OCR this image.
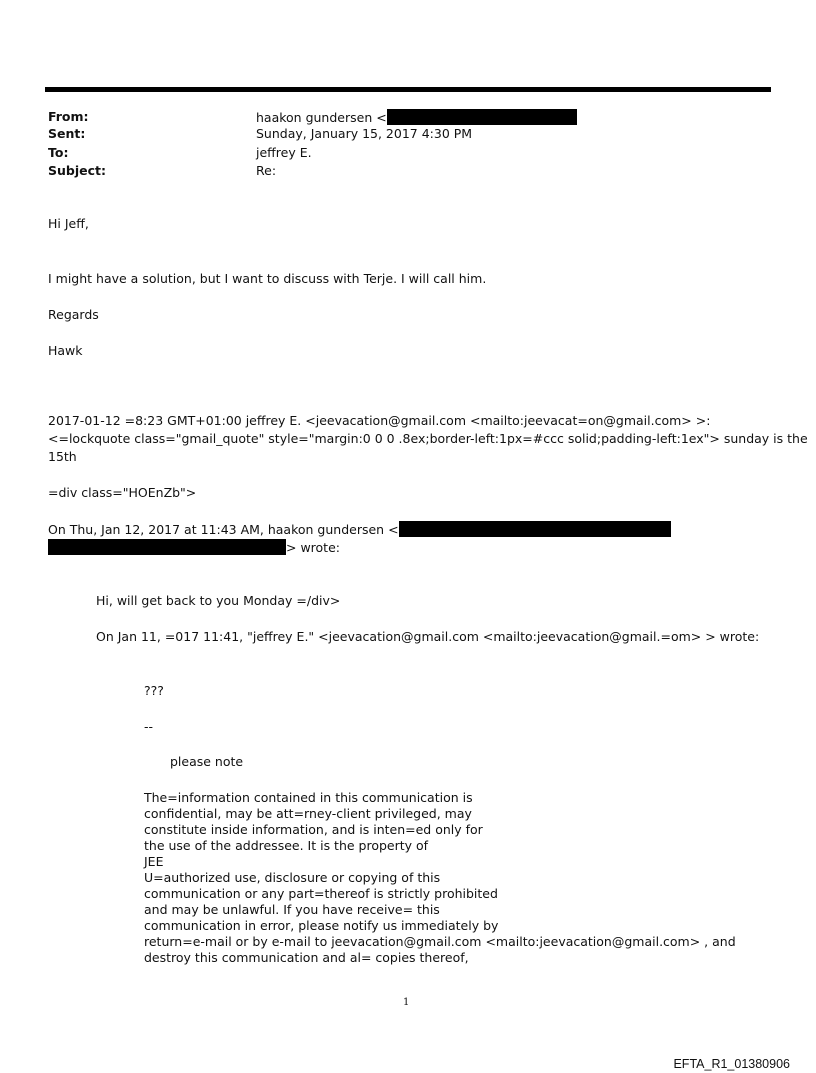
From:	haakon gundersen <
Sent:	Sunday, January 15, 2017 4:30 PM
To:	jeffrey E.
Subject:	Re:
Hi Jeff,
I might have a solution, but I want to discuss with Terje. I will call him.
Regards
Hawk
2017-01-12 =8:23 GMT+01:00 jeffrey E. <jeevacation@gmail.com <mailto:jeevacat=on@gmail.com> >:
<=lockquote class="gmail_quote" style="margin:0 0 0 .8ex;border-left:1px=#ccc solid;padding-left:1ex"> sunday is the
15th
=div class="HOEnZb">
On Thu, Jan 12, 2017 at 11:43 AM, haakon gundersen <
> wrote:
Hi, will get back to you Monday =/div>
On Jan 11, =017 11:41, "jeffrey E." <jeevacation@gmail.com <mailto:jeevacation@gmail.=om> > wrote:
???
--
please note
The=information contained in this communication is
confidential, may be att=rney-client privileged, may
constitute inside information, and is inten=ed only for
the use of the addressee. It is the property of
JEE
U=authorized use, disclosure or copying of this
communication or any part=thereof is strictly prohibited
and may be unlawful. If you have receive= this
communication in error, please notify us immediately by
return=e-mail or by e-mail to jeevacation@gmail.com <mailto:jeevacation@gmail.com> , and
destroy this communication and al= copies thereof,
1
EFTA_R1_01380906
